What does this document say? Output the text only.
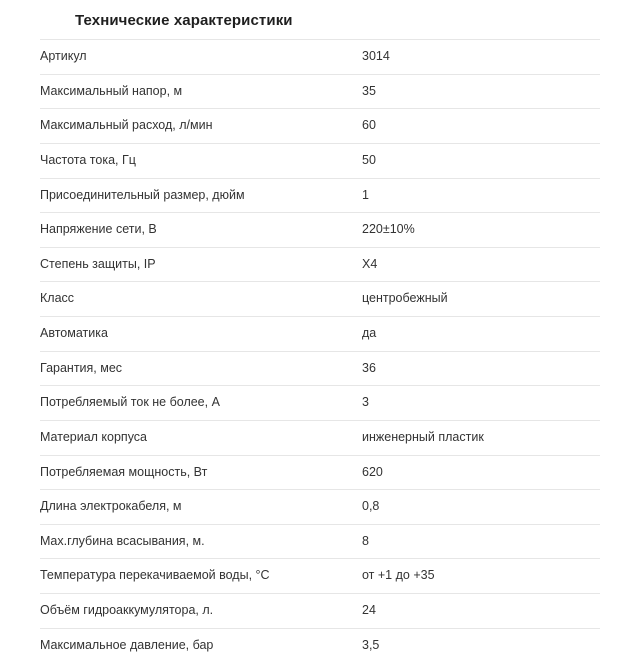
Технические характеристики
Артикул	3014
Максимальный напор, м	35
Максимальный расход, л/мин	60
Частота тока, Гц	50
Присоединительный размер, дюйм	1
Напряжение сети, В	220±10%
Степень защиты, IP	X4
Класс	центробежный
Автоматика	да
Гарантия, мес	36
Потребляемый ток не более, А	3
Материал корпуса	инженерный пластик
Потребляемая мощность, Вт	620
Длина электрокабеля, м	0,8
Max.глубина всасывания, м.	8
Температура перекачиваемой воды, °C	от +1 до +35
Объём гидроаккумулятора, л.	24
Максимальное давление, бар	3,5
